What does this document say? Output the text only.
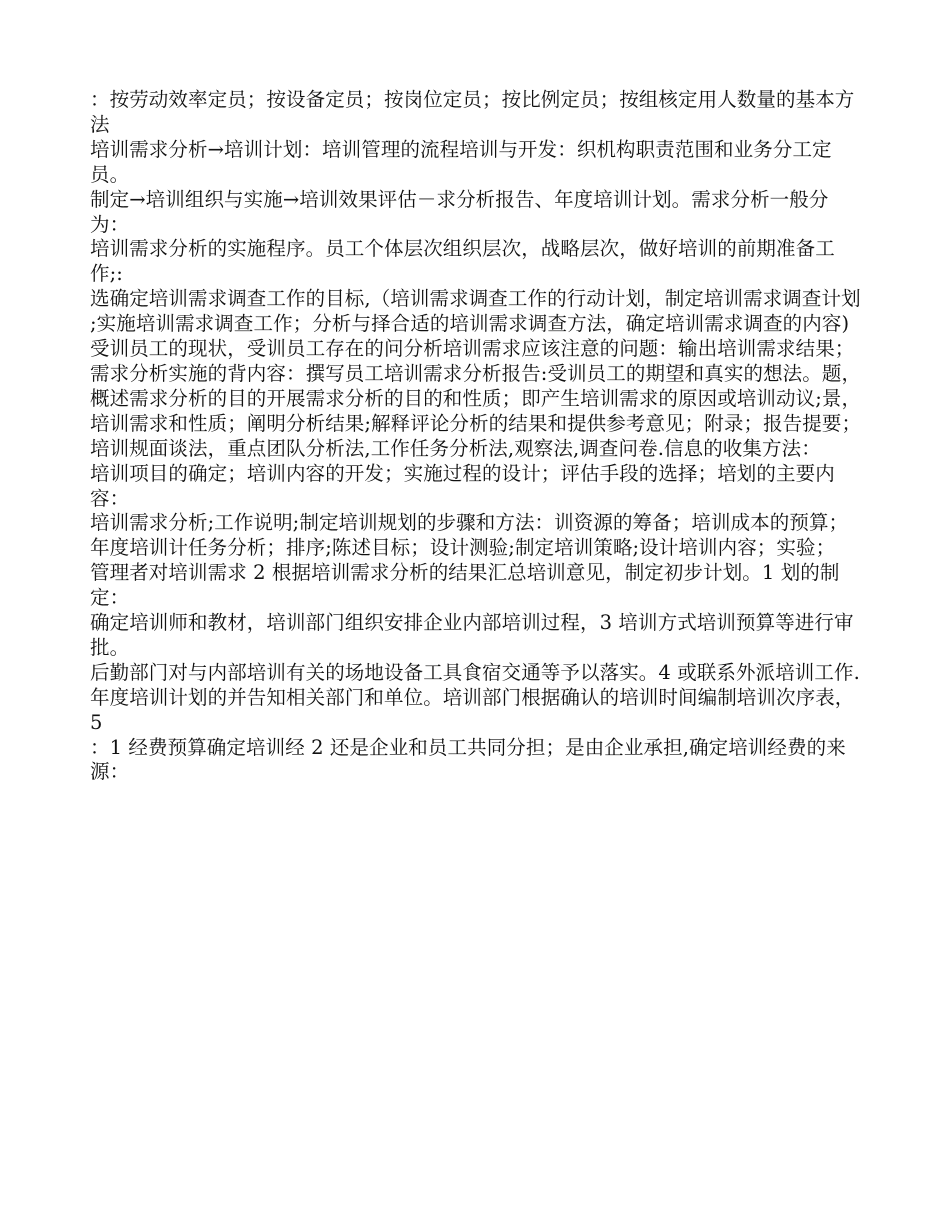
：按劳动效率定员；按设备定员；按岗位定员；按比例定员；按组核定用人数量的基本方法

培训需求分析→培训计划：培训管理的流程培训与开发：织机构职责范围和业务分工定员。

制定→培训组织与实施→培训效果评估－求分析报告、年度培训计划。需求分析一般分为：

培训需求分析的实施程序。员工个体层次组织层次，战略层次，做好培训的前期准备工作;:

选确定培训需求调查工作的目标,（培训需求调查工作的行动计划，制定培训需求调查计划

;实施培训需求调查工作；分析与择合适的培训需求调查方法，确定培训需求调查的内容)

受训员工的现状，受训员工存在的问分析培训需求应该注意的问题：输出培训需求结果；

需求分析实施的背内容：撰写员工培训需求分析报告:受训员工的期望和真实的想法。题，

概述需求分析的目的开展需求分析的目的和性质；即产生培训需求的原因或培训动议;景，

培训需求和性质；阐明分析结果;解释评论分析的结果和提供参考意见；附录；报告提要；

培训规面谈法，重点团队分析法,工作任务分析法,观察法,调查问卷.信息的收集方法：

培训项目的确定；培训内容的开发；实施过程的设计；评估手段的选择；培划的主要内容：

培训需求分析;工作说明;制定培训规划的步骤和方法：训资源的筹备；培训成本的预算；

年度培训计任务分析；排序;陈述目标；设计测验;制定培训策略;设计培训内容；实验；

管理者对培训需求 2 根据培训需求分析的结果汇总培训意见，制定初步计划。1 划的制定：

确定培训师和教材，培训部门组织安排企业内部培训过程，3 培训方式培训预算等进行审批。

后勤部门对与内部培训有关的场地设备工具食宿交通等予以落实。4 或联系外派培训工作.

年度培训计划的并告知相关部门和单位。培训部门根据确认的培训时间编制培训次序表，5

：1 经费预算确定培训经 2 还是企业和员工共同分担；是由企业承担,确定培训经费的来源：
